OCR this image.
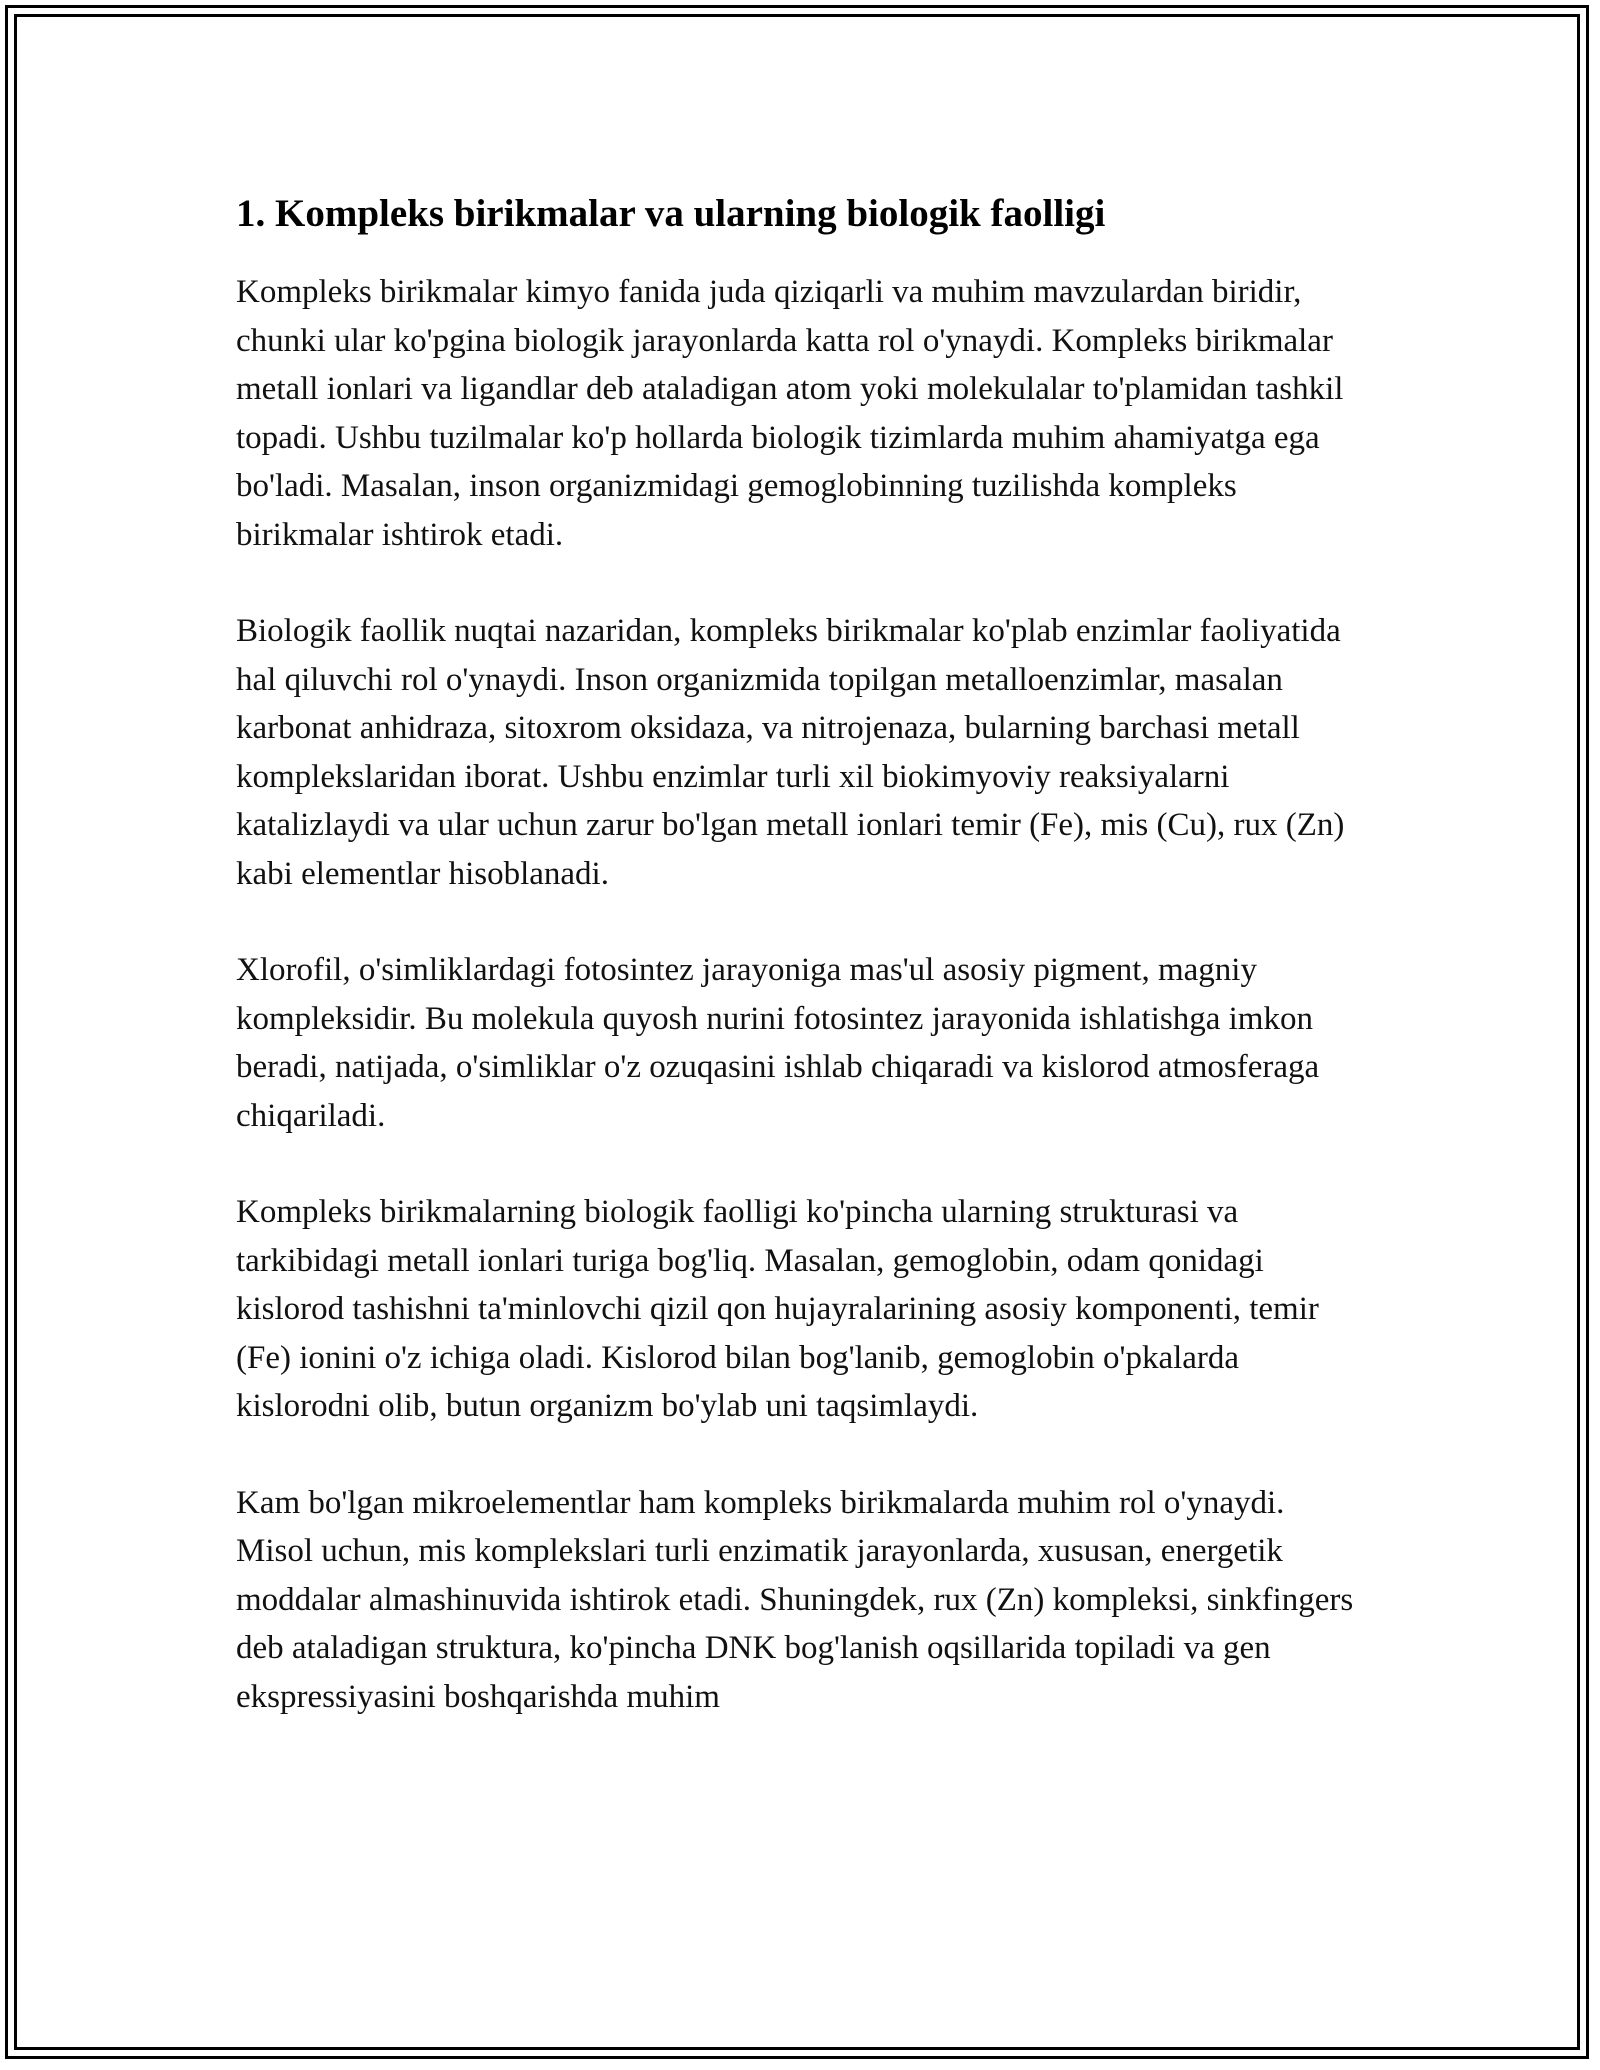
1. Kompleks birikmalar va ularning biologik faolligi

Kompleks birikmalar kimyo fanida juda qiziqarli va muhim mavzulardan biridir, chunki ular ko'pgina biologik jarayonlarda katta rol o'ynaydi. Kompleks birikmalar metall ionlari va ligandlar deb ataladigan atom yoki molekulalar to'plamidan tashkil topadi. Ushbu tuzilmalar ko'p hollarda biologik tizimlarda muhim ahamiyatga ega bo'ladi. Masalan, inson organizmidagi gemoglobinning tuzilishda kompleks birikmalar ishtirok etadi.

Biologik faollik nuqtai nazaridan, kompleks birikmalar ko'plab enzimlar faoliyatida hal qiluvchi rol o'ynaydi. Inson organizmida topilgan metalloenzimlar, masalan karbonat anhidraza, sitoxrom oksidaza, va nitrojenaza, bularning barchasi metall komplekslaridan iborat. Ushbu enzimlar turli xil biokimyoviy reaksiyalarni katalizlaydi va ular uchun zarur bo'lgan metall ionlari temir (Fe), mis (Cu), rux (Zn) kabi elementlar hisoblanadi.

Xlorofil, o'simliklardagi fotosintez jarayoniga mas'ul asosiy pigment, magniy kompleksidir. Bu molekula quyosh nurini fotosintez jarayonida ishlatishga imkon beradi, natijada, o'simliklar o'z ozuqasini ishlab chiqaradi va kislorod atmosferaga chiqariladi.

Kompleks birikmalarning biologik faolligi ko'pincha ularning strukturasi va tarkibidagi metall ionlari turiga bog'liq. Masalan, gemoglobin, odam qonidagi kislorod tashishni ta'minlovchi qizil qon hujayralarining asosiy komponenti, temir (Fe) ionini o'z ichiga oladi. Kislorod bilan bog'lanib, gemoglobin o'pkalarda kislorodni olib, butun organizm bo'ylab uni taqsimlaydi.

Kam bo'lgan mikroelementlar ham kompleks birikmalarda muhim rol o'ynaydi. Misol uchun, mis komplekslari turli enzimatik jarayonlarda, xususan, energetik moddalar almashinuvida ishtirok etadi. Shuningdek, rux (Zn) kompleksi, sinkfingers deb ataladigan struktura, ko'pincha DNK bog'lanish oqsillarida topiladi va gen ekspressiyasini boshqarishda muhim
